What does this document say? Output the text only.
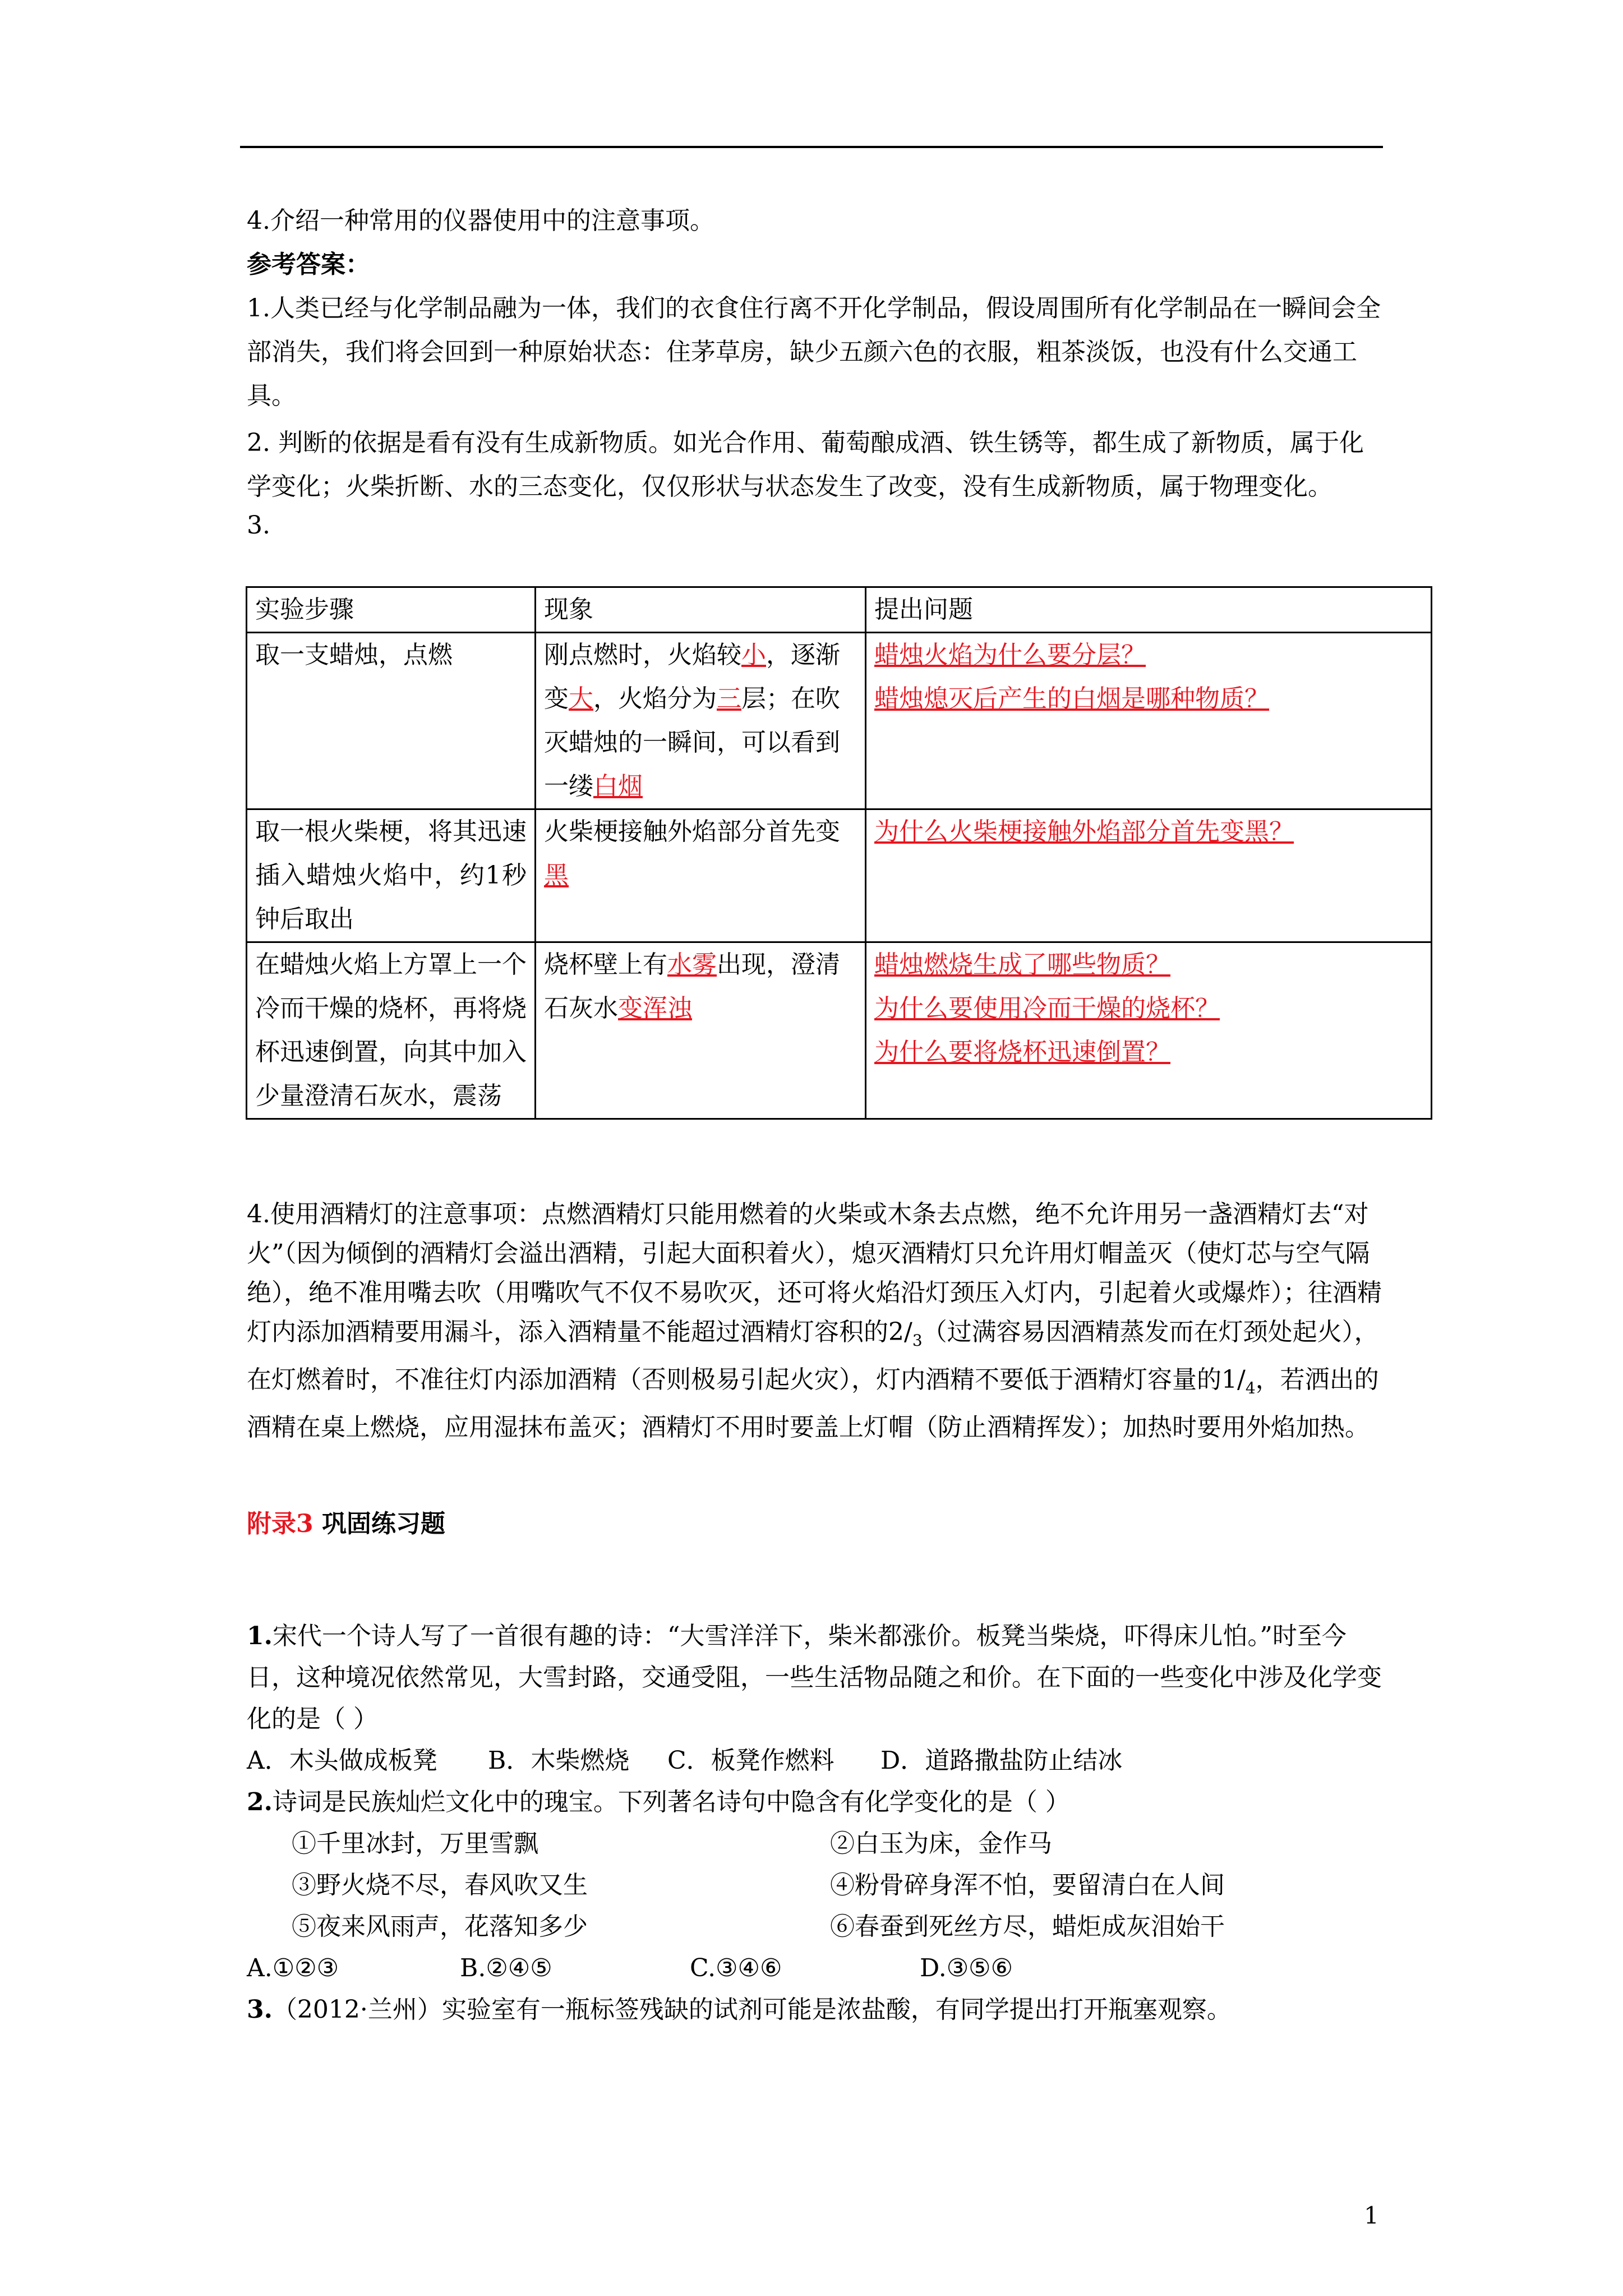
4.介绍一种常用的仪器使用中的注意事项。

参考答案：

1.人类已经与化学制品融为一体，我们的衣食住行离不开化学制品，假设周围所有化学制品在一瞬间会全部消失，我们将会回到一种原始状态：住茅草房，缺少五颜六色的衣服，粗茶淡饭，也没有什么交通工具。

2. 判断的依据是看有没有生成新物质。如光合作用、葡萄酿成酒、铁生锈等，都生成了新物质，属于化学变化；火柴折断、水的三态变化，仅仅形状与状态发生了改变，没有生成新物质，属于物理变化。

3.

实验步骤	现象	提出问题
取一支蜡烛，点燃	刚点燃时，火焰较小，逐渐变大，火焰分为三层；在吹灭蜡烛的一瞬间，可以看到一缕白烟	蜡烛火焰为什么要分层？
蜡烛熄灭后产生的白烟是哪种物质？

取一根火柴梗，将其迅速插入蜡烛火焰中，约1秒钟后取出	火柴梗接触外焰部分首先变黑	为什么火柴梗接触外焰部分首先变黑？

在蜡烛火焰上方罩上一个冷而干燥的烧杯，再将烧杯迅速倒置，向其中加入少量澄清石灰水，震荡	烧杯壁上有水雾出现，澄清石灰水变浑浊	蜡烛燃烧生成了哪些物质？
为什么要使用冷而干燥的烧杯？
为什么要将烧杯迅速倒置？
4.使用酒精灯的注意事项：点燃酒精灯只能用燃着的火柴或木条去点燃，绝不允许用另一盏酒精灯去“对火”（因为倾倒的酒精灯会溢出酒精，引起大面积着火），熄灭酒精灯只允许用灯帽盖灭（使灯芯与空气隔绝），绝不准用嘴去吹（用嘴吹气不仅不易吹灭，还可将火焰沿灯颈压入灯内，引起着火或爆炸）；往酒精灯内添加酒精要用漏斗，添入酒精量不能超过酒精灯容积的$2/_3$（过满容易因酒精蒸发而在灯颈处起火），在灯燃着时，不准往灯内添加酒精（否则极易引起火灾），灯内酒精不要低于酒精灯容量的$1/_4$，若洒出的酒精在桌上燃烧，应用湿抹布盖灭；酒精灯不用时要盖上灯帽（防止酒精挥发）；加热时要用外焰加热。
附录3 巩固练习题

1.宋代一个诗人写了一首很有趣的诗：“大雪洋洋下，柴米都涨价。板凳当柴烧，吓得床儿怕。”时至今日，这种境况依然常见，大雪封路，交通受阻，一些生活物品随之和价。在下面的一些变化中涉及化学变化的是（ ）

A．木头做成板凳	B．木柴燃烧	C．板凳作燃料	D．道路撒盐防止结冰

2.诗词是民族灿烂文化中的瑰宝。下列著名诗句中隐含有化学变化的是（ ）

①千里冰封，万里雪飘	②白玉为床，金作马
③野火烧不尽，春风吹又生	④粉骨碎身浑不怕，要留清白在人间
⑤夜来风雨声，花落知多少	⑥春蚕到死丝方尽，蜡炬成灰泪始干
A.①②③	B.②④⑤	C.③④⑥	D.③⑤⑥

3.（2012·兰州）实验室有一瓶标签残缺的试剂可能是浓盐酸，有同学提出打开瓶塞观察。

1
